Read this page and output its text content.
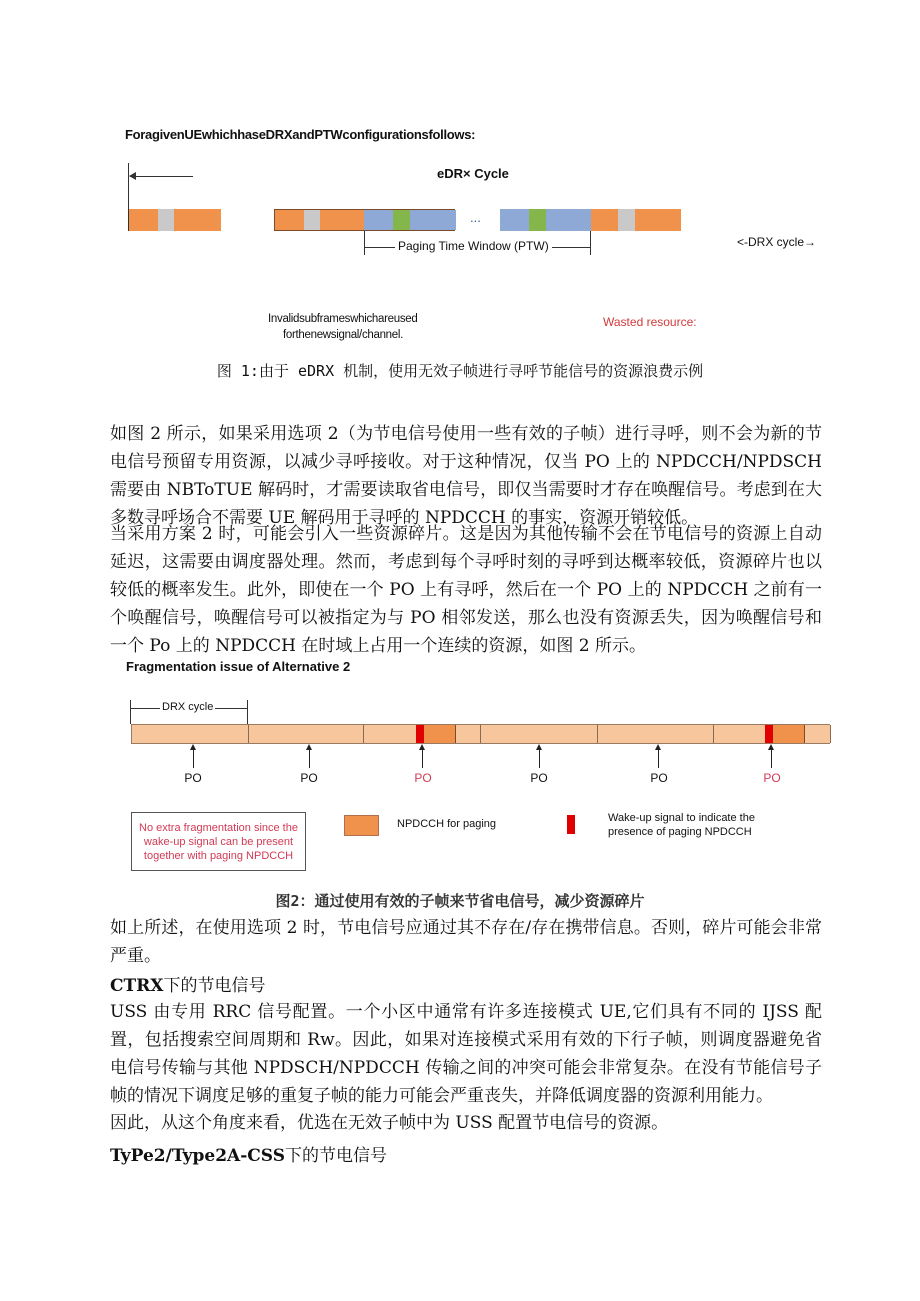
ForagivenUEwhichhaseDRXandPTWconfigurationsfollows:
eDR× Cycle
...
Paging Time Window (PTW)	<-DRX cycle→
Invalidsubframeswhichareused
forthenewsignal/channel.
Wasted resource:
图 1:由于 eDRX 机制，使用无效子帧进行寻呼节能信号的资源浪费示例
如图 2 所示，如果采用选项 2（为节电信号使用一些有效的子帧）进行寻呼，则不会为新的节电信号预留专用资源，以减少寻呼接收。对于这种情况，仅当 PO 上的 NPDCCH/NPDSCH 需要由 NBToTUE 解码时，才需要读取省电信号，即仅当需要时才存在唤醒信号。考虑到在大多数寻呼场合不需要 UE 解码用于寻呼的 NPDCCH 的事实，资源开销较低。
当采用方案 2 时，可能会引入一些资源碎片。这是因为其他传输不会在节电信号的资源上自动延迟，这需要由调度器处理。然而，考虑到每个寻呼时刻的寻呼到达概率较低，资源碎片也以较低的概率发生。此外，即使在一个 PO 上有寻呼，然后在一个 PO 上的 NPDCCH 之前有一个唤醒信号，唤醒信号可以被指定为与 PO 相邻发送，那么也没有资源丢失，因为唤醒信号和一个 Po 上的 NPDCCH 在时域上占用一个连续的资源，如图 2 所示。
Fragmentation issue of Alternative 2
DRX cycle
PO	PO	PO	PO	PO	PO
No extra fragmentation since the wake-up signal can be present together with paging NPDCCH
NPDCCH for paging	Wake-up signal to indicate the presence of paging NPDCCH
图2：通过使用有效的子帧来节省电信号，减少资源碎片
如上所述，在使用选项 2 时，节电信号应通过其不存在/存在携带信息。否则，碎片可能会非常严重。
CTRX下的节电信号
USS 由专用 RRC 信号配置。一个小区中通常有许多连接模式 UE,它们具有不同的 IJSS 配置，包括搜索空间周期和 Rw。因此，如果对连接模式采用有效的下行子帧，则调度器避免省电信号传输与其他 NPDSCH/NPDCCH 传输之间的冲突可能会非常复杂。在没有节能信号子帧的情况下调度足够的重复子帧的能力可能会严重丧失，并降低调度器的资源利用能力。
因此，从这个角度来看，优选在无效子帧中为 USS 配置节电信号的资源。
TyPe2/Type2A-CSS下的节电信号
